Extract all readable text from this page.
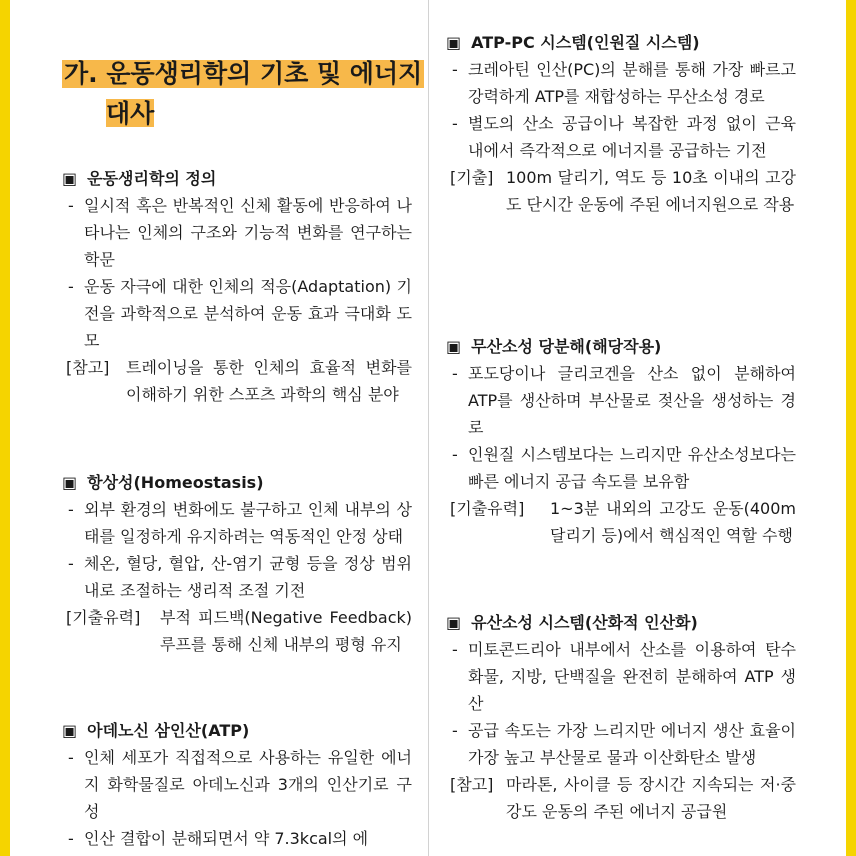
가. 운동생리학의 기초 및 에너지
대사
▣ 운동생리학의 정의
- 일시적 혹은 반복적인 신체 활동에 반응하여 나타나는 인체의 구조와 기능적 변화를 연구하는 학문
- 운동 자극에 대한 인체의 적응(Adaptation) 기전을 과학적으로 분석하여 운동 효과 극대화 도모
[참고] 트레이닝을 통한 인체의 효율적 변화를 이해하기 위한 스포츠 과학의 핵심 분야
▣ 항상성(Homeostasis)
- 외부 환경의 변화에도 불구하고 인체 내부의 상태를 일정하게 유지하려는 역동적인 안정 상태
- 체온, 혈당, 혈압, 산-염기 균형 등을 정상 범위 내로 조절하는 생리적 조절 기전
[기출유력] 부적 피드백(Negative Feedback) 루프를 통해 신체 내부의 평형 유지
▣ 아데노신 삼인산(ATP)
- 인체 세포가 직접적으로 사용하는 유일한 에너지 화학물질로 아데노신과 3개의 인산기로 구성
- 인산 결합이 분해되면서 약 7.3kcal의 에
▣ ATP-PC 시스템(인원질 시스템)
- 크레아틴 인산(PC)의 분해를 통해 가장 빠르고 강력하게 ATP를 재합성하는 무산소성 경로
- 별도의 산소 공급이나 복잡한 과정 없이 근육 내에서 즉각적으로 에너지를 공급하는 기전
[기출] 100m 달리기, 역도 등 10초 이내의 고강도 단시간 운동에 주된 에너지원으로 작용
▣ 무산소성 당분해(해당작용)
- 포도당이나 글리코겐을 산소 없이 분해하여 ATP를 생산하며 부산물로 젖산을 생성하는 경로
- 인원질 시스템보다는 느리지만 유산소성보다는 빠른 에너지 공급 속도를 보유함
[기출유력] 1~3분 내외의 고강도 운동(400m 달리기 등)에서 핵심적인 역할 수행
▣ 유산소성 시스템(산화적 인산화)
- 미토콘드리아 내부에서 산소를 이용하여 탄수화물, 지방, 단백질을 완전히 분해하여 ATP 생산
- 공급 속도는 가장 느리지만 에너지 생산 효율이 가장 높고 부산물로 물과 이산화탄소 발생
[참고] 마라톤, 사이클 등 장시간 지속되는 저·중강도 운동의 주된 에너지 공급원
